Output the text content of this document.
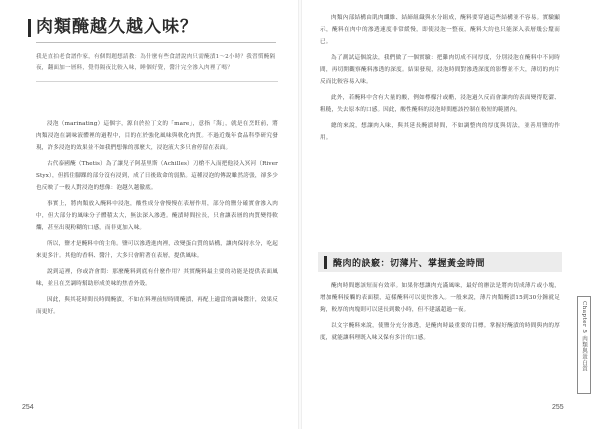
肉類醃越久越入味？

我是直拍老食譜作家，有個問題想請教：為什麼有些食譜說肉只需醃漬1～2小時？我習慣醃隔夜，翻面加一層料，覺得隔夜比較入味，睡個好覺，醬汁完全滲入肉裡了嗎？

浸泡（marinating）這個字，源自於拉丁文的「mare」，意指「海」，就是在烹飪前，將肉類浸泡在調味液體裡的過程中，目的在於強化風味與軟化肉質。不過近幾年食品科學研究發現，許多浸泡的效果並不如我們想像的那麼大，浸泡液大多只會停留在表面。

古代泰國醃（Thetis）為了讓兒子阿基里斯（Achilles）刀槍不入而把他浸入冥河（River Styx），但抓住腳踝的部分沒有浸到，成了日後致命的弱點。這種浸泡的傳說雖然誇張，卻多少也反映了一般人對浸泡的想像：泡越久越徹底。

事實上，將肉類放入醃料中浸泡，酸性成分會慢慢在表層作用，部分的鹽分確實會滲入肉中，但大部分的風味分子體積太大，無法深入滲透。醃漬時間拉長，只會讓表層的肉質變得軟爛，甚至出現粉糊的口感，而非更加入味。

所以，鹽才是醃料中的主角。鹽可以滲透進肉裡，改變蛋白質的結構，讓肉保持水分，吃起來更多汁。其他的香料、醬汁，大多只會附著在表層，提供風味。

說到這裡，你或許會問：那麼醃料到底有什麼作用？其實醃料最主要的功能是提供表面風味，並且在烹調時幫助形成美味的焦香外殼。

因此，與其花時間長時間醃漬，不如在料理前短時間醃漬，再配上適當的調味醬汁，效果反而更好。

254

肉類內部結構由肌肉纖維、結締組織與水分組成，醃料要穿過這些結構並不容易。實驗顯示，醃料在肉中的滲透速度非常緩慢，即使浸泡一整夜，醃料大約也只能深入表層幾公釐而已。

為了測試這個說法，我們做了一個實驗：把雞肉切成不同厚度，分別浸泡在醃料中不同時間，再切開觀察醃料滲透的深度。結果發現，浸泡時間對滲透深度的影響並不大，薄切的肉片反而比較容易入味。

此外，若醃料中含有大量的酸，例如檸檬汁或醋，浸泡過久反而會讓肉的表面變得乾澀、粗糙，失去原本的口感。因此，酸性醃料的浸泡時間應該控制在較短的範圍內。

總的來說，想讓肉入味，與其延長醃漬時間，不如調整肉的厚度與切法，並善用鹽的作用。

醃肉的訣竅：切薄片、掌握黃金時間

醃肉時間應該短而有效率。如果你想讓肉充滿風味，最好的辦法是將肉切成薄片或小塊，增加醃料接觸的表面積，這樣醃料可以更快滲入。一般來說，薄片肉類醃漬15到30分鐘就足夠，較厚的肉塊則可以延長到數小時，但不建議超過一夜。

以文字醃料來說，使鹽分充分滲透，是醃肉時最重要的目標。掌握好醃漬的時間與肉的厚度，就能讓料理既入味又保有多汁的口感。	Chapter 5 肉類與蛋白質
255
